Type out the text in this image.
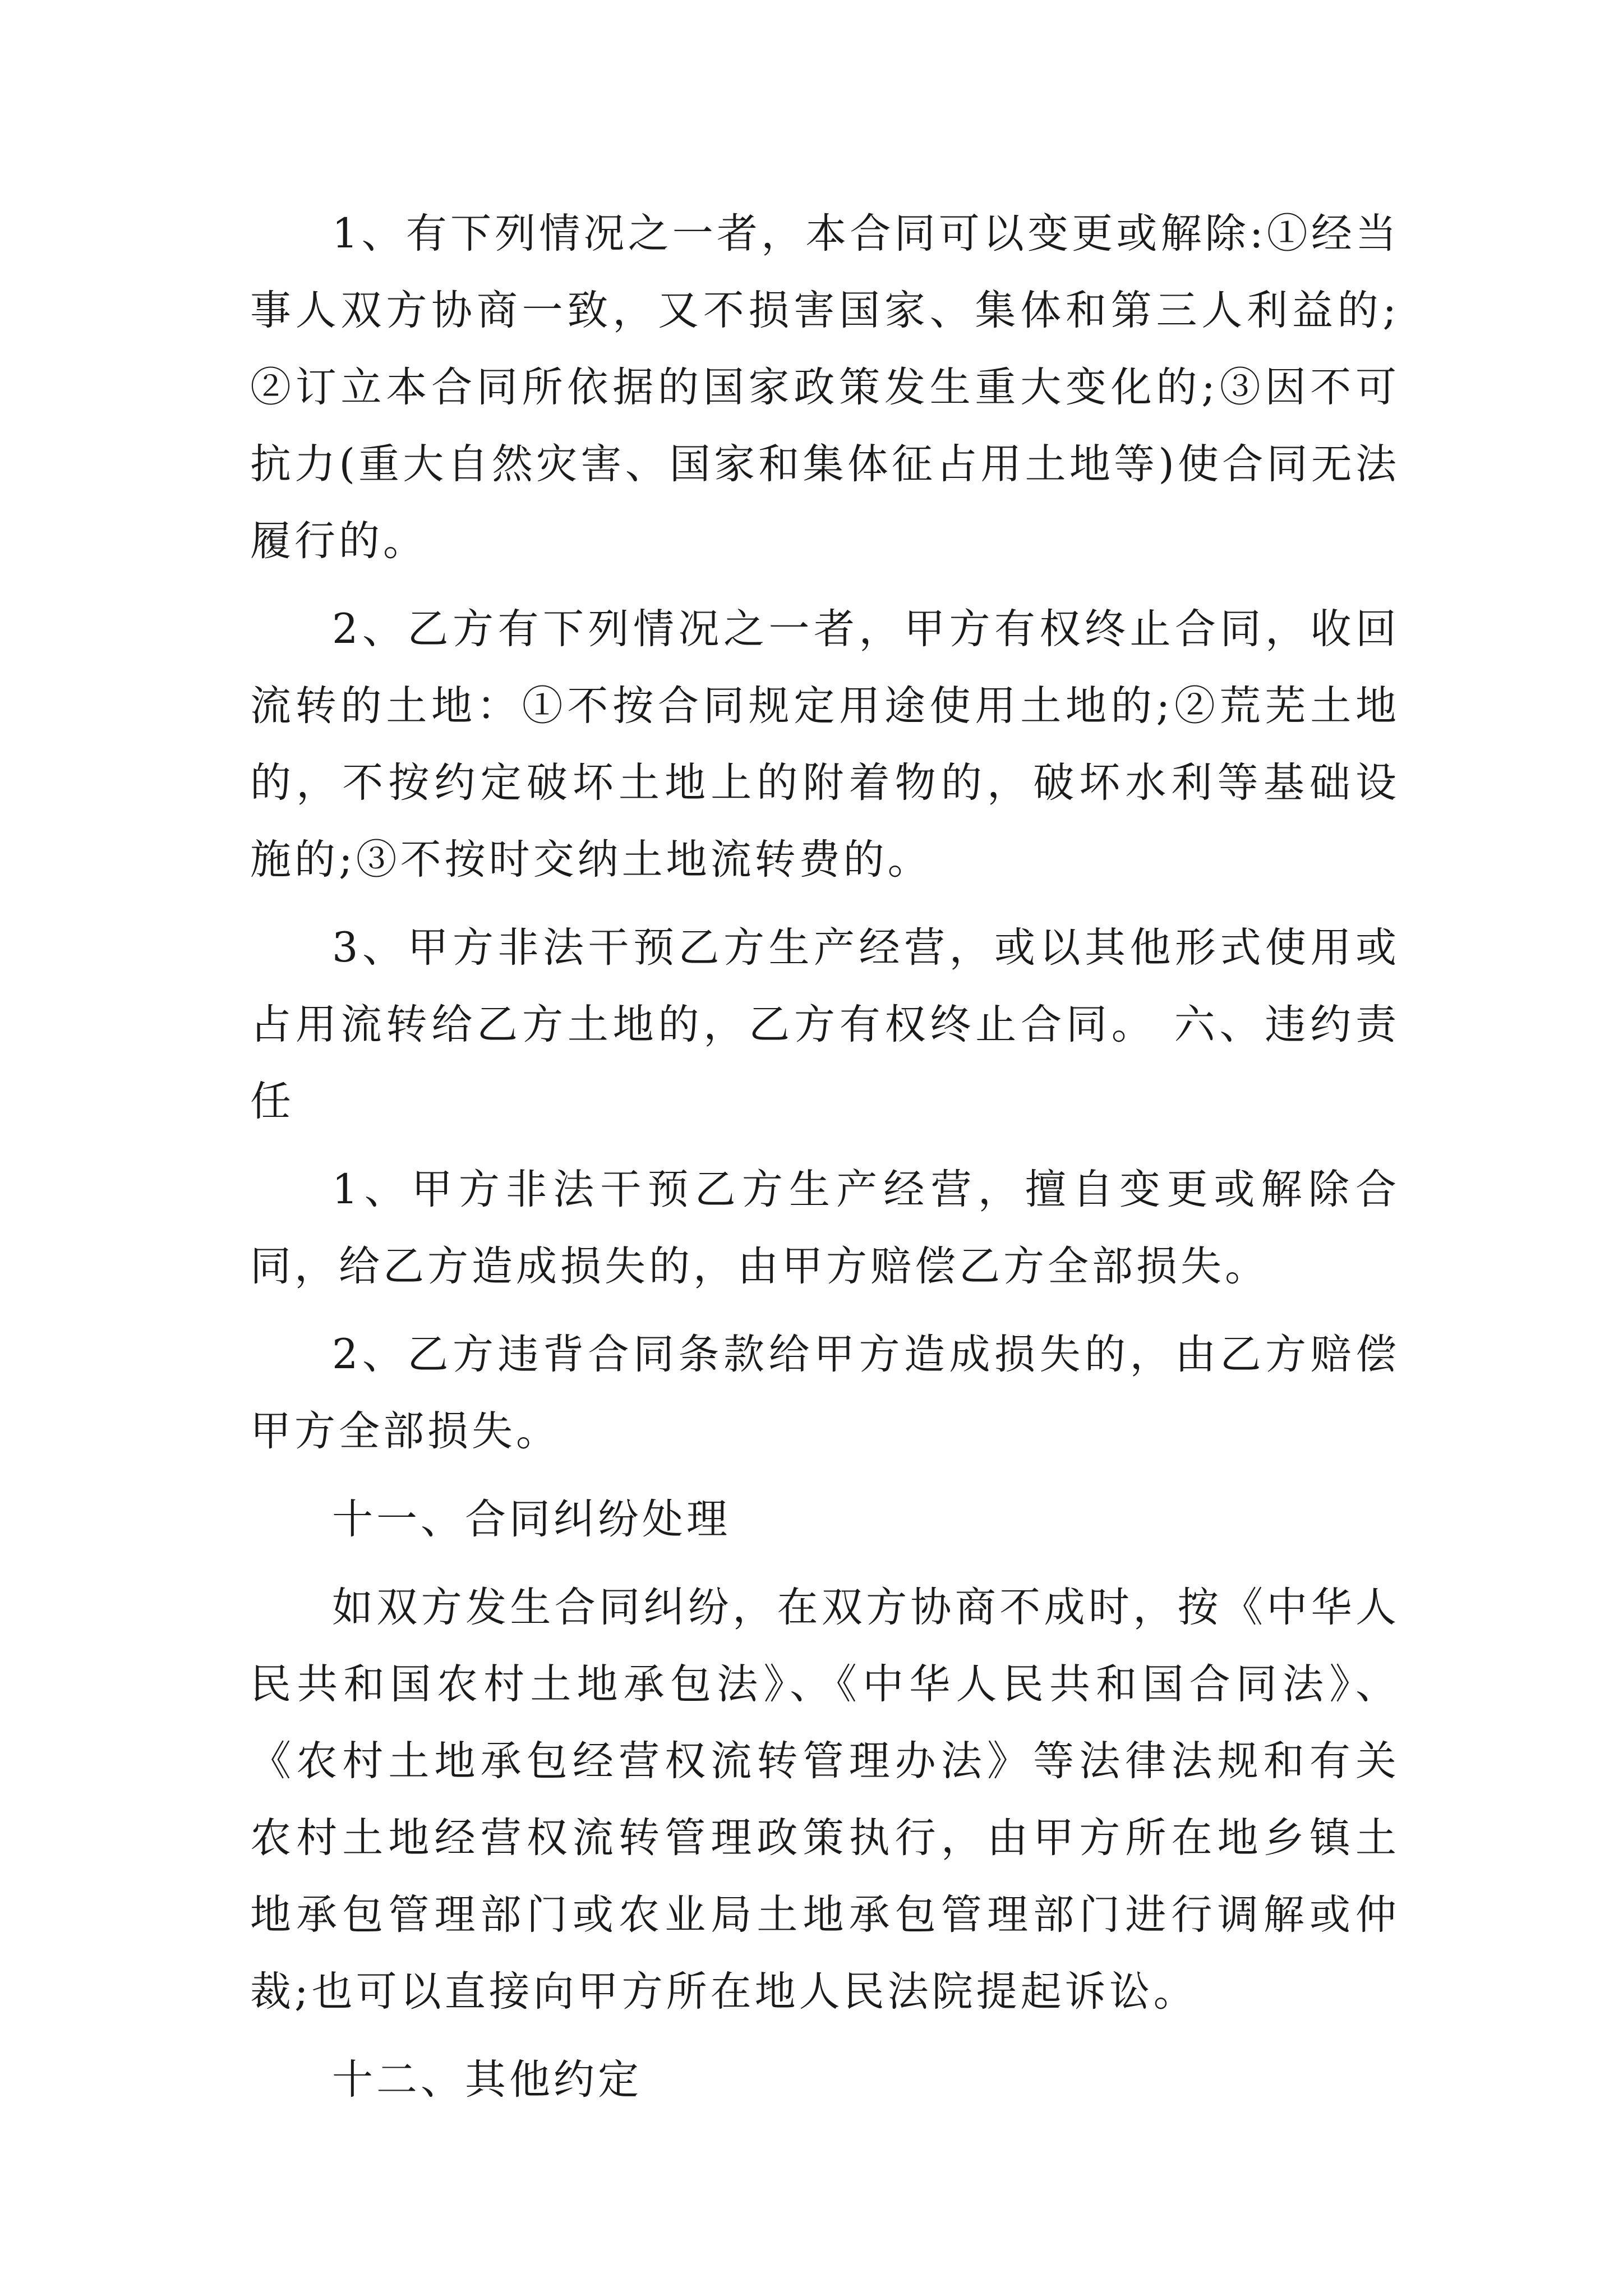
1、有下列情况之一者，本合同可以变更或解除:①经当事人双方协商一致，又不损害国家、集体和第三人利益的;②订立本合同所依据的国家政策发生重大变化的;③因不可抗力(重大自然灾害、国家和集体征占用土地等)使合同无法履行的。

2、乙方有下列情况之一者，甲方有权终止合同，收回流转的土地：①不按合同规定用途使用土地的;②荒芜土地的，不按约定破坏土地上的附着物的，破坏水利等基础设施的;③不按时交纳土地流转费的。

3、甲方非法干预乙方生产经营，或以其他形式使用或占用流转给乙方土地的，乙方有权终止合同。 六、违约责任

1、甲方非法干预乙方生产经营，擅自变更或解除合同，给乙方造成损失的，由甲方赔偿乙方全部损失。

2、乙方违背合同条款给甲方造成损失的，由乙方赔偿甲方全部损失。

十一、合同纠纷处理

如双方发生合同纠纷，在双方协商不成时，按《中华人民共和国农村土地承包法》、《中华人民共和国合同法》、《农村土地承包经营权流转管理办法》等法律法规和有关农村土地经营权流转管理政策执行，由甲方所在地乡镇土地承包管理部门或农业局土地承包管理部门进行调解或仲裁;也可以直接向甲方所在地人民法院提起诉讼。

十二、其他约定
